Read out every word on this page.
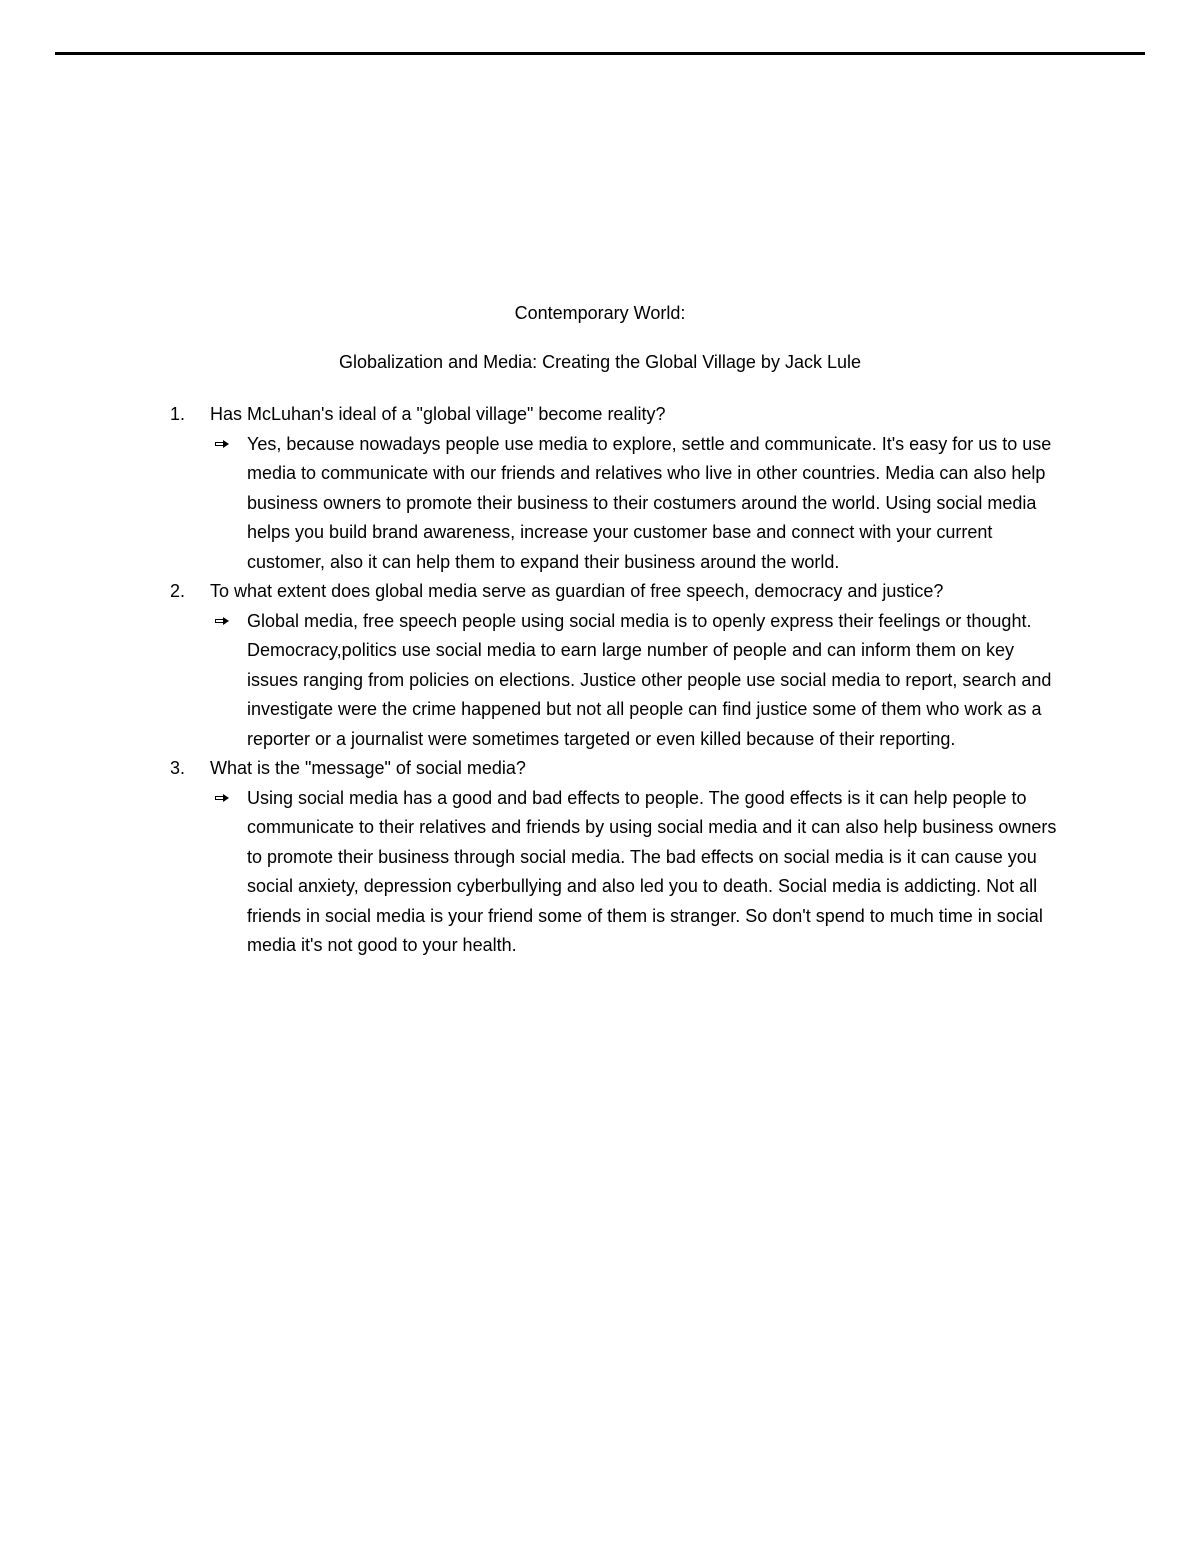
Contemporary World:
Globalization and Media: Creating the Global Village by Jack Lule
1.	Has McLuhan's ideal of a "global village" become reality?
Yes, because nowadays people use media to explore, settle and communicate. It's easy for us to use media to communicate with our friends and relatives who live in other countries. Media can also help business owners to promote their business to their costumers around the world. Using social media helps you build brand awareness, increase your customer base and connect with your current customer, also it can help them to expand their business around the world.
2.	To what extent does global media serve as guardian of free speech, democracy and justice?
Global media, free speech people using social media is to openly express their feelings or thought. Democracy,politics use social media to earn large number of people and can inform them on key issues ranging from policies on elections. Justice other people use social media to report, search and investigate were the crime happened but not all people can find justice some of them who work as a reporter or a journalist were sometimes targeted or even killed because of their reporting.
3.	What is the "message" of social media?
Using social media has a good and bad effects to people. The good effects is it can help people to communicate to their relatives and friends by using social media and it can also help business owners to promote their business through social media. The bad effects on social media is it can cause you social anxiety, depression cyberbullying and also led you to death. Social media is addicting. Not all friends in social media is your friend some of them is stranger. So don't spend to much time in social media it's not good to your health.
